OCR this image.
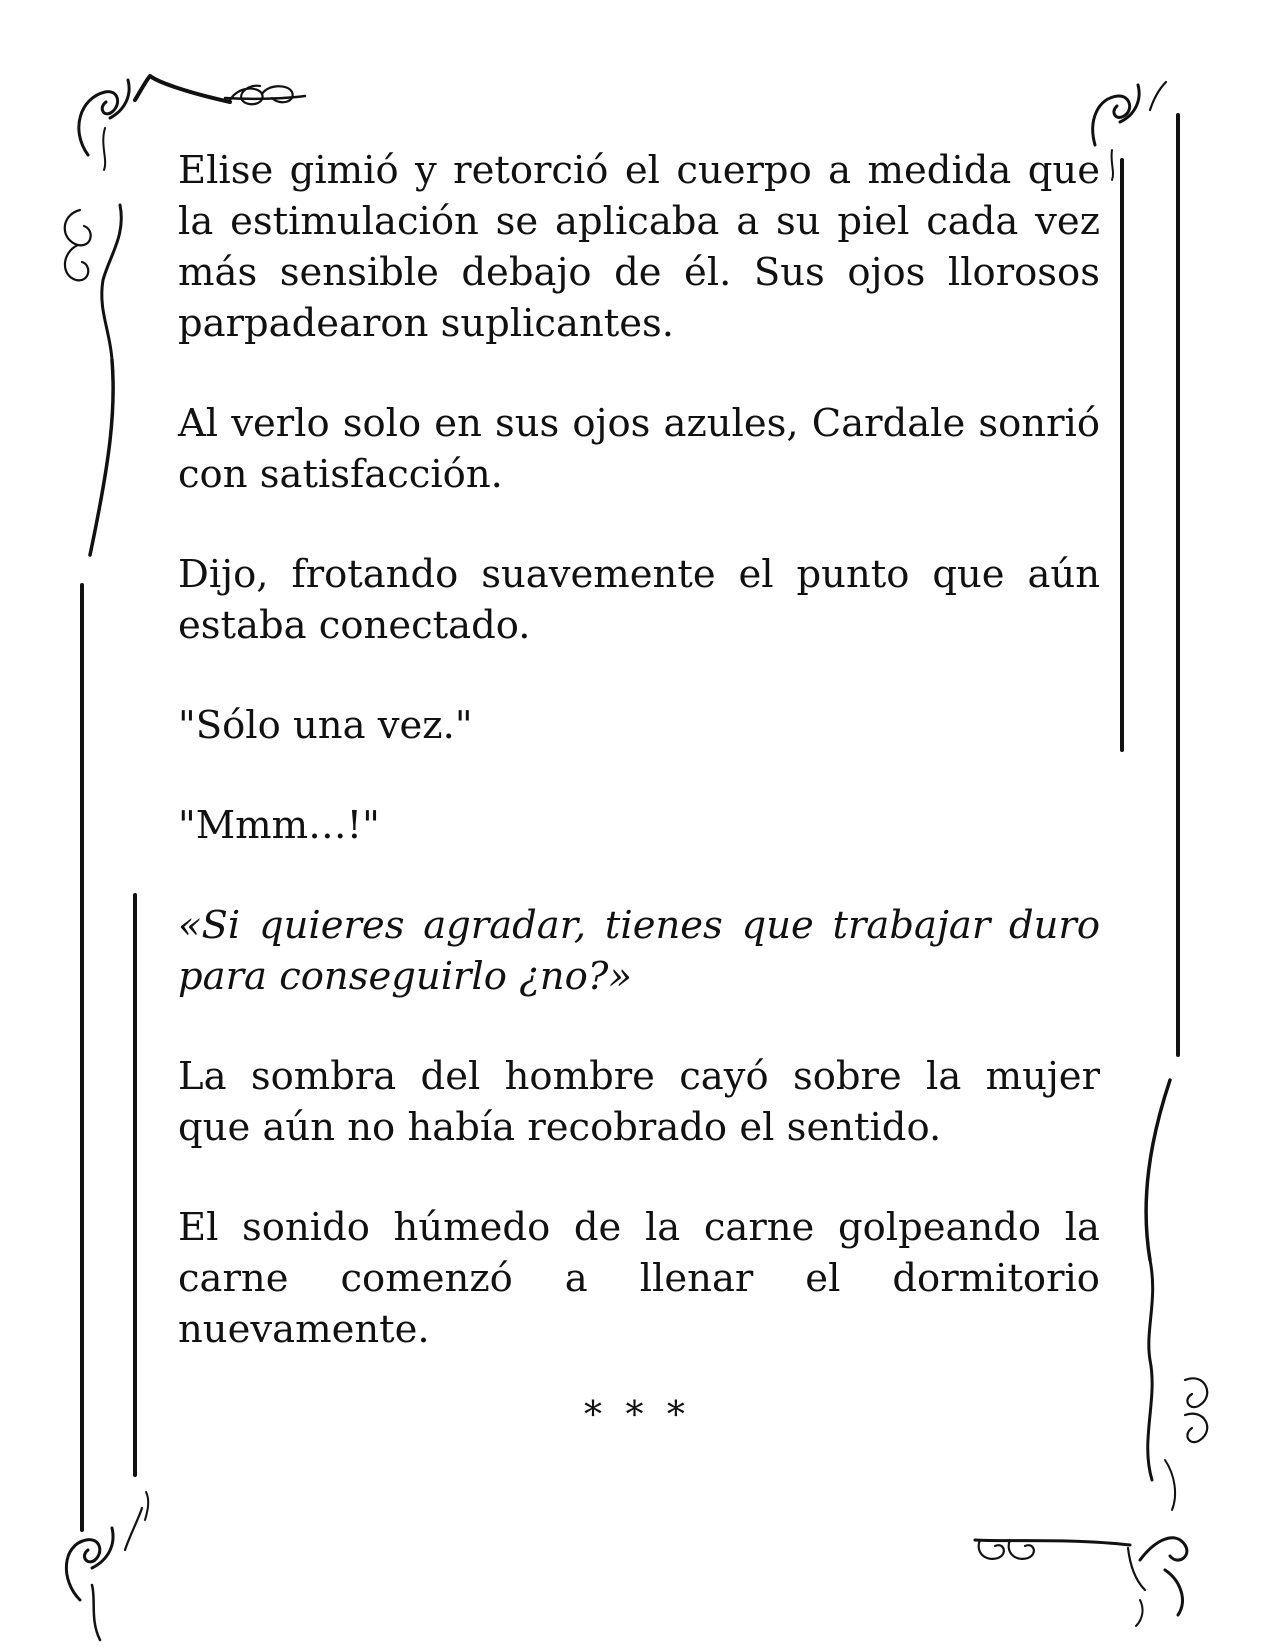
Elise gimió y retorció el cuerpo a medida que la estimulación se aplicaba a su piel cada vez más sensible debajo de él. Sus ojos llorosos parpadearon suplicantes.

Al verlo solo en sus ojos azules, Cardale sonrió con satisfacción.

Dijo, frotando suavemente el punto que aún estaba conectado.

"Sólo una vez."

"Mmm…!"

«Si quieres agradar, tienes que trabajar duro para conseguirlo ¿no?»

La sombra del hombre cayó sobre la mujer que aún no había recobrado el sentido.

El sonido húmedo de la carne golpeando la carne comenzó a llenar el dormitorio nuevamente.

* * *
